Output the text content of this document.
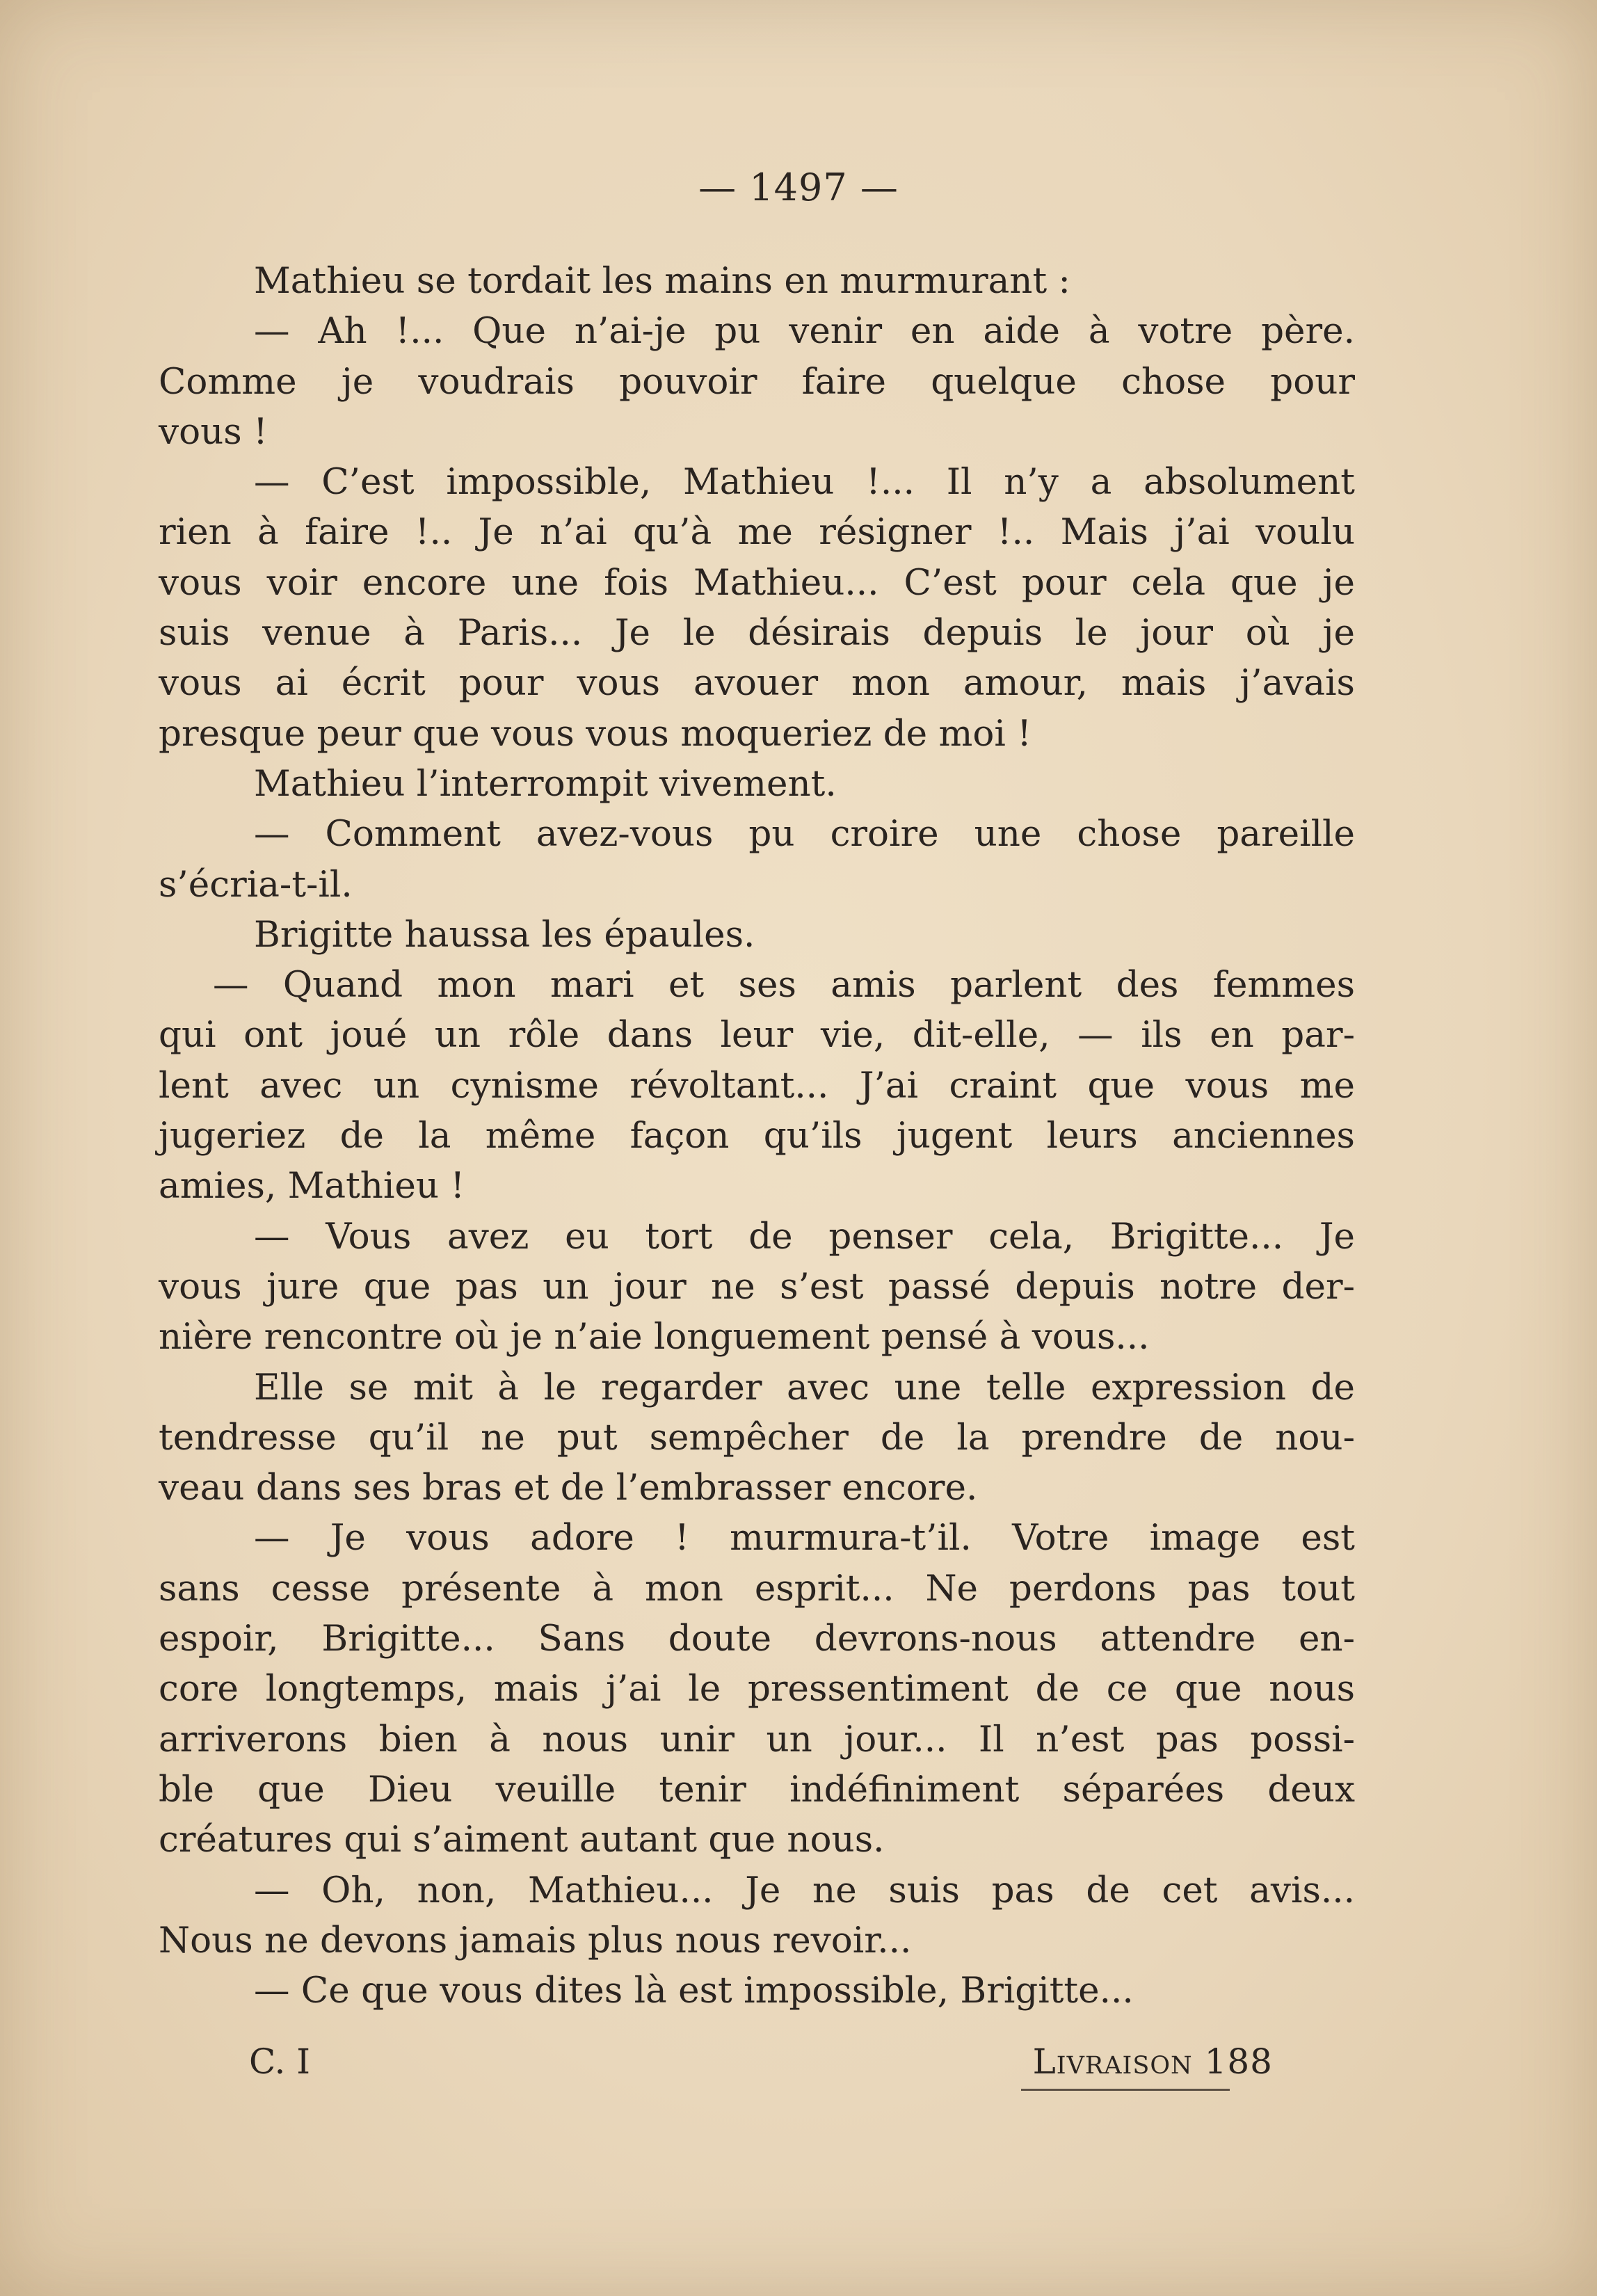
— 1497 —
Mathieu se tordait les mains en murmurant :
— Ah !... Que n’ai-je pu venir en aide à votre père.
Comme je voudrais pouvoir faire quelque chose pour
vous !
— C’est impossible, Mathieu !... Il n’y a absolument
rien à faire !.. Je n’ai qu’à me résigner !.. Mais j’ai voulu
vous voir encore une fois Mathieu... C’est pour cela que je
suis venue à Paris... Je le désirais depuis le jour où je
vous ai écrit pour vous avouer mon amour, mais j’avais
presque peur que vous vous moqueriez de moi !
Mathieu l’interrompit vivement.
— Comment avez-vous pu croire une chose pareille
s’écria-t-il.
Brigitte haussa les épaules.
— Quand mon mari et ses amis parlent des femmes
qui ont joué un rôle dans leur vie, dit-elle, — ils en par-
lent avec un cynisme révoltant... J’ai craint que vous me
jugeriez de la même façon qu’ils jugent leurs anciennes
amies, Mathieu !
— Vous avez eu tort de penser cela, Brigitte... Je
vous jure que pas un jour ne s’est passé depuis notre der-
nière rencontre où je n’aie longuement pensé à vous...
Elle se mit à le regarder avec une telle expression de
tendresse qu’il ne put sempêcher de la prendre de nou-
veau dans ses bras et de l’embrasser encore.
— Je vous adore ! murmura-t’il. Votre image est
sans cesse présente à mon esprit... Ne perdons pas tout
espoir, Brigitte... Sans doute devrons-nous attendre en-
core longtemps, mais j’ai le pressentiment de ce que nous
arriverons bien à nous unir un jour... Il n’est pas possi-
ble que Dieu veuille tenir indéfiniment séparées deux
créatures qui s’aiment autant que nous.
— Oh, non, Mathieu... Je ne suis pas de cet avis...
Nous ne devons jamais plus nous revoir...
— Ce que vous dites là est impossible, Brigitte...
C. I	Livraison 188
